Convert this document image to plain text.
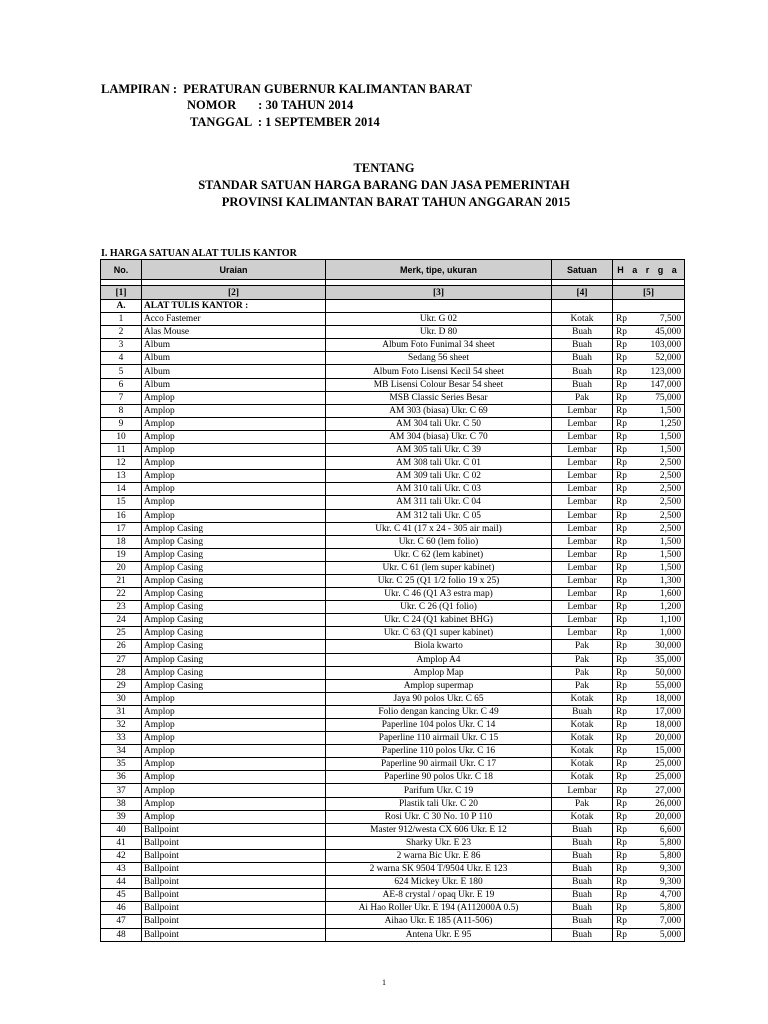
LAMPIRAN :  PERATURAN GUBERNUR KALIMANTAN BARAT
NOMOR       : 30 TAHUN 2014
TANGGAL  : 1 SEPTEMBER 2014
TENTANG
STANDAR SATUAN HARGA BARANG DAN JASA PEMERINTAH
PROVINSI KALIMANTAN BARAT TAHUN ANGGARAN 2015
I. HARGA SATUAN ALAT TULIS KANTOR
No.	Uraian	Merk, tipe, ukuran	Satuan	H a r g a	

[1]	[2]	[3]	[4]	[5]	
A.	ALAT TULIS KANTOR :				
1	Acco Fastemer	Ukr. G 02	Kotak	Rp	7,500
2	Alas Mouse	Ukr. D 80	Buah	Rp	45,000
3	Album	Album Foto Funimal 34 sheet	Buah	Rp	103,000
4	Album	Sedang 56 sheet	Buah	Rp	52,000
5	Album	Album Foto Lisensi Kecil 54 sheet	Buah	Rp	123,000
6	Album	MB Lisensi Colour Besar 54 sheet	Buah	Rp	147,000
7	Amplop	MSB Classic Series Besar	Pak	Rp	75,000
8	Amplop	AM 303 (biasa) Ukr. C 69	Lembar	Rp	1,500
9	Amplop	AM 304 tali Ukr. C 50	Lembar	Rp	1,250
10	Amplop	AM 304 (biasa) Ukr. C 70	Lembar	Rp	1,500
11	Amplop	AM 305 tali Ukr. C 39	Lembar	Rp	1,500
12	Amplop	AM 308 tali Ukr. C 01	Lembar	Rp	2,500
13	Amplop	AM 309 tali Ukr. C 02	Lembar	Rp	2,500
14	Amplop	AM 310 tali Ukr. C 03	Lembar	Rp	2,500
15	Amplop	AM 311 tali Ukr. C 04	Lembar	Rp	2,500
16	Amplop	AM 312 tali Ukr. C 05	Lembar	Rp	2,500
17	Amplop Casing	Ukr. C 41 (17 x 24 - 305 air mail)	Lembar	Rp	2,500
18	Amplop Casing	Ukr. C 60 (lem folio)	Lembar	Rp	1,500
19	Amplop Casing	Ukr. C 62 (lem kabinet)	Lembar	Rp	1,500
20	Amplop Casing	Ukr. C 61 (lem super kabinet)	Lembar	Rp	1,500
21	Amplop Casing	Ukr. C 25 (Q1 1/2 folio 19 x 25)	Lembar	Rp	1,300
22	Amplop Casing	Ukr. C 46 (Q1 A3 estra map)	Lembar	Rp	1,600
23	Amplop Casing	Ukr. C 26 (Q1 folio)	Lembar	Rp	1,200
24	Amplop Casing	Ukr. C 24 (Q1 kabinet BHG)	Lembar	Rp	1,100
25	Amplop Casing	Ukr. C 63 (Q1 super kabinet)	Lembar	Rp	1,000
26	Amplop Casing	Biola kwarto	Pak	Rp	30,000
27	Amplop Casing	Amplop A4	Pak	Rp	35,000
28	Amplop Casing	Amplop Map	Pak	Rp	50,000
29	Amplop Casing	Amplop supermap	Pak	Rp	55,000
30	Amplop	Jaya 90 polos Ukr. C 65	Kotak	Rp	18,000
31	Amplop	Folio dengan kancing Ukr. C 49	Buah	Rp	17,000
32	Amplop	Paperline 104 polos Ukr. C 14	Kotak	Rp	18,000
33	Amplop	Paperline 110 airmail Ukr. C 15	Kotak	Rp	20,000
34	Amplop	Paperline 110 polos Ukr. C 16	Kotak	Rp	15,000
35	Amplop	Paperline 90 airmail Ukr. C 17	Kotak	Rp	25,000
36	Amplop	Paperline 90 polos Ukr. C 18	Kotak	Rp	25,000
37	Amplop	Parifum Ukr. C 19	Lembar	Rp	27,000
38	Amplop	Plastik tali Ukr. C 20	Pak	Rp	26,000
39	Amplop	Rosi Ukr. C 30 No. 10 P 110	Kotak	Rp	20,000
40	Ballpoint	Master 912/westa CX 606 Ukr. E 12	Buah	Rp	6,600
41	Ballpoint	Sharky Ukr. E 23	Buah	Rp	5,800
42	Ballpoint	2 warna Bic Ukr. E 86	Buah	Rp	5,800
43	Ballpoint	2 warna SK 9504 T/9504 Ukr. E 123	Buah	Rp	9,300
44	Ballpoint	624 Mickey Ukr. E 180	Buah	Rp	9,300
45	Ballpoint	AE-8 crystal / opaq Ukr. E 19	Buah	Rp	4,700
46	Ballpoint	Ai Hao Roller Ukr. E 194 (A112000A 0.5)	Buah	Rp	5,800
47	Ballpoint	Aihao Ukr. E 185 (A11-506)	Buah	Rp	7,000
48	Ballpoint	Antena Ukr. E 95	Buah	Rp	5,000
1
